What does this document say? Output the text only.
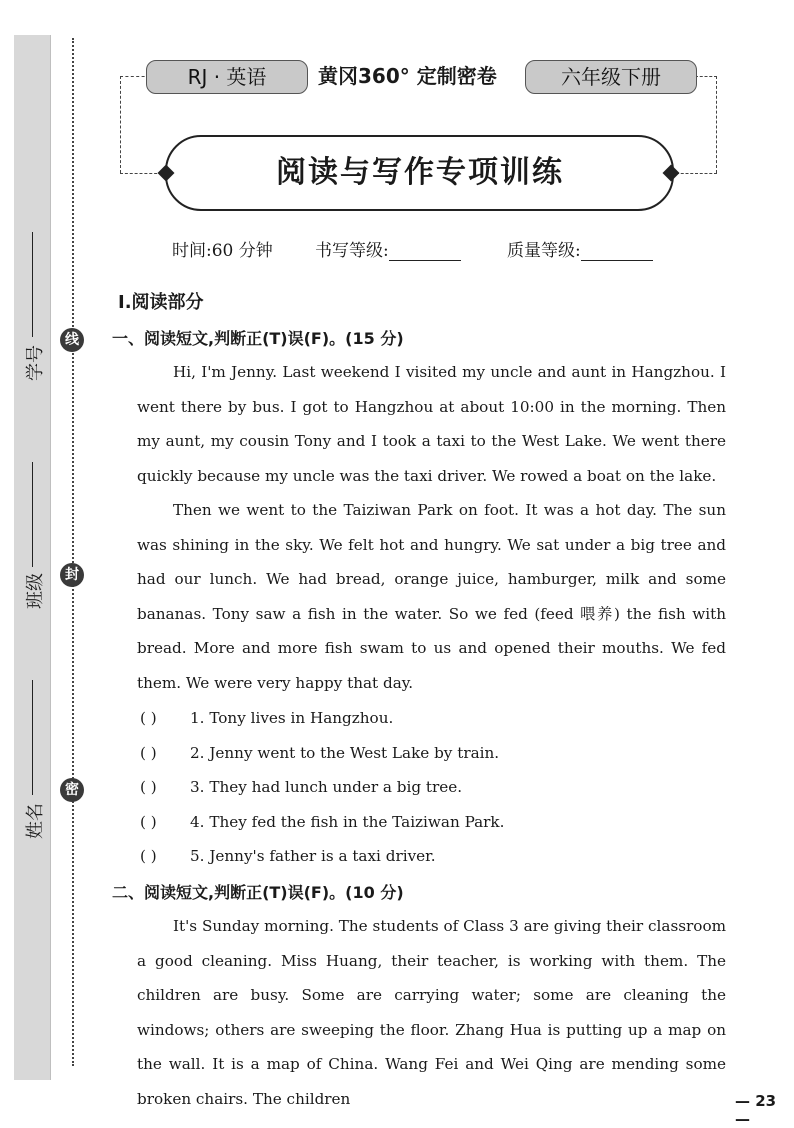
学号
班级
姓名
线
封
密
RJ · 英语	黄冈360° 定制密卷	六年级下册
阅读与写作专项训练
时间:60 分钟 书写等级:	质量等级:
Ⅰ.阅读部分
一、阅读短文,判断正(T)误(F)。(15 分)
Hi, I'm Jenny. Last weekend I visited my uncle and aunt in Hangzhou. I went there by bus. I got to Hangzhou at about 10:00 in the morning. Then my aunt, my cousin Tony and I took a taxi to the West Lake. We went there quickly because my uncle was the taxi driver. We rowed a boat on the lake.
Then we went to the Taiziwan Park on foot. It was a hot day. The sun was shining in the sky. We felt hot and hungry. We sat under a big tree and had our lunch. We had bread, orange juice, hamburger, milk and some bananas. Tony saw a fish in the water. So we fed (feed 喂养) the fish with bread. More and more fish swam to us and opened their mouths. We fed them. We were very happy that day.
( ) 1. Tony lives in Hangzhou.
( ) 2. Jenny went to the West Lake by train.
( ) 3. They had lunch under a big tree.
( ) 4. They fed the fish in the Taiziwan Park.
( ) 5. Jenny's father is a taxi driver.
二、阅读短文,判断正(T)误(F)。(10 分)
It's Sunday morning. The students of Class 3 are giving their classroom a good cleaning. Miss Huang, their teacher, is working with them. The children are busy. Some are carrying water; some are cleaning the windows; others are sweeping the floor. Zhang Hua is putting up a map on the wall. It is a map of China. Wang Fei and Wei Qing are mending some broken chairs. The children	— 23 —
